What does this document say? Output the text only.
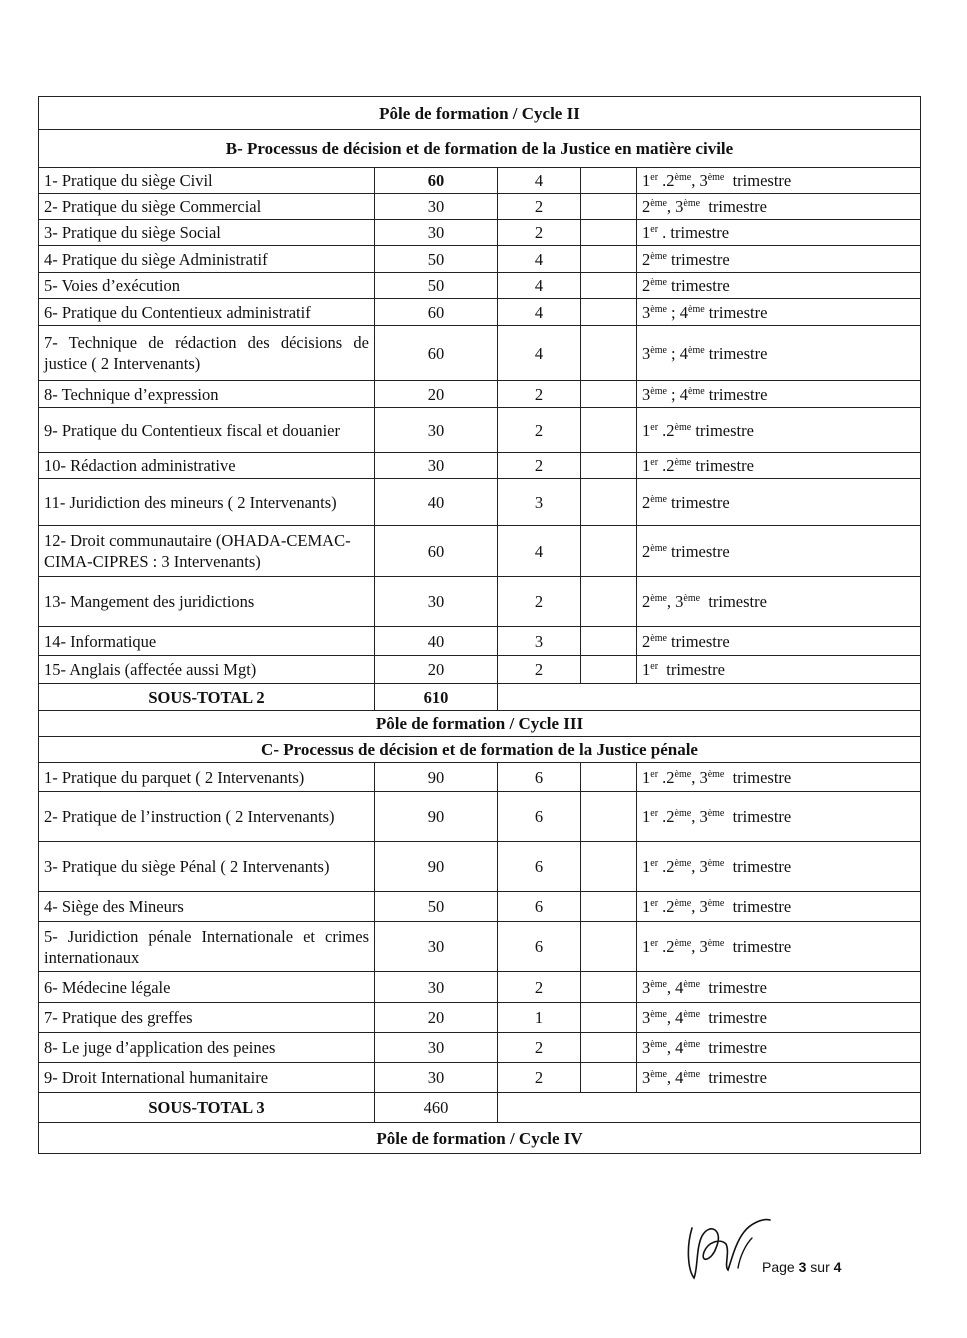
Pôle de formation / Cycle II				
B- Processus de décision et de formation de la Justice en matière civile				
1- Pratique du siège Civil	60	4		1er .2ème, 3ème  trimestre
2- Pratique du siège Commercial	30	2		2ème, 3ème  trimestre
3- Pratique du siège Social	30	2		1er . trimestre
4- Pratique du siège Administratif	50	4		2ème trimestre
5- Voies d’exécution	50	4		2ème trimestre
6- Pratique du Contentieux administratif	60	4		3ème ; 4ème trimestre
7- Technique de rédaction des décisions de justice ( 2 Intervenants)	60	4		3ème ; 4ème trimestre
8- Technique d’expression	20	2		3ème ; 4ème trimestre
9- Pratique du Contentieux fiscal et douanier	30	2		1er .2ème trimestre
10- Rédaction administrative	30	2		1er .2ème trimestre
11- Juridiction des mineurs ( 2 Intervenants)	40	3		2ème trimestre
12- Droit communautaire (OHADA-CEMAC-CIMA-CIPRES : 3 Intervenants)	60	4		2ème trimestre
13- Mangement des juridictions	30	2		2ème, 3ème  trimestre
14- Informatique	40	3		2ème trimestre
15- Anglais (affectée aussi Mgt)	20	2		1er  trimestre
SOUS-TOTAL 2	610			
Pôle de formation / Cycle III				
C- Processus de décision et de formation de la Justice pénale				
1- Pratique du parquet ( 2 Intervenants)	90	6		1er .2ème, 3ème  trimestre
2- Pratique de l’instruction ( 2 Intervenants)	90	6		1er .2ème, 3ème  trimestre
3- Pratique du siège Pénal ( 2 Intervenants)	90	6		1er .2ème, 3ème  trimestre
4- Siège des Mineurs	50	6		1er .2ème, 3ème  trimestre
5- Juridiction pénale Internationale et crimes internationaux	30	6		1er .2ème, 3ème  trimestre
6- Médecine légale	30	2		3ème, 4ème  trimestre
7- Pratique des greffes	20	1		3ème, 4ème  trimestre
8- Le juge d’application des peines	30	2		3ème, 4ème  trimestre
9- Droit International humanitaire	30	2		3ème, 4ème  trimestre
SOUS-TOTAL 3	460			
Pôle de formation / Cycle IV				
Page 3 sur 4
